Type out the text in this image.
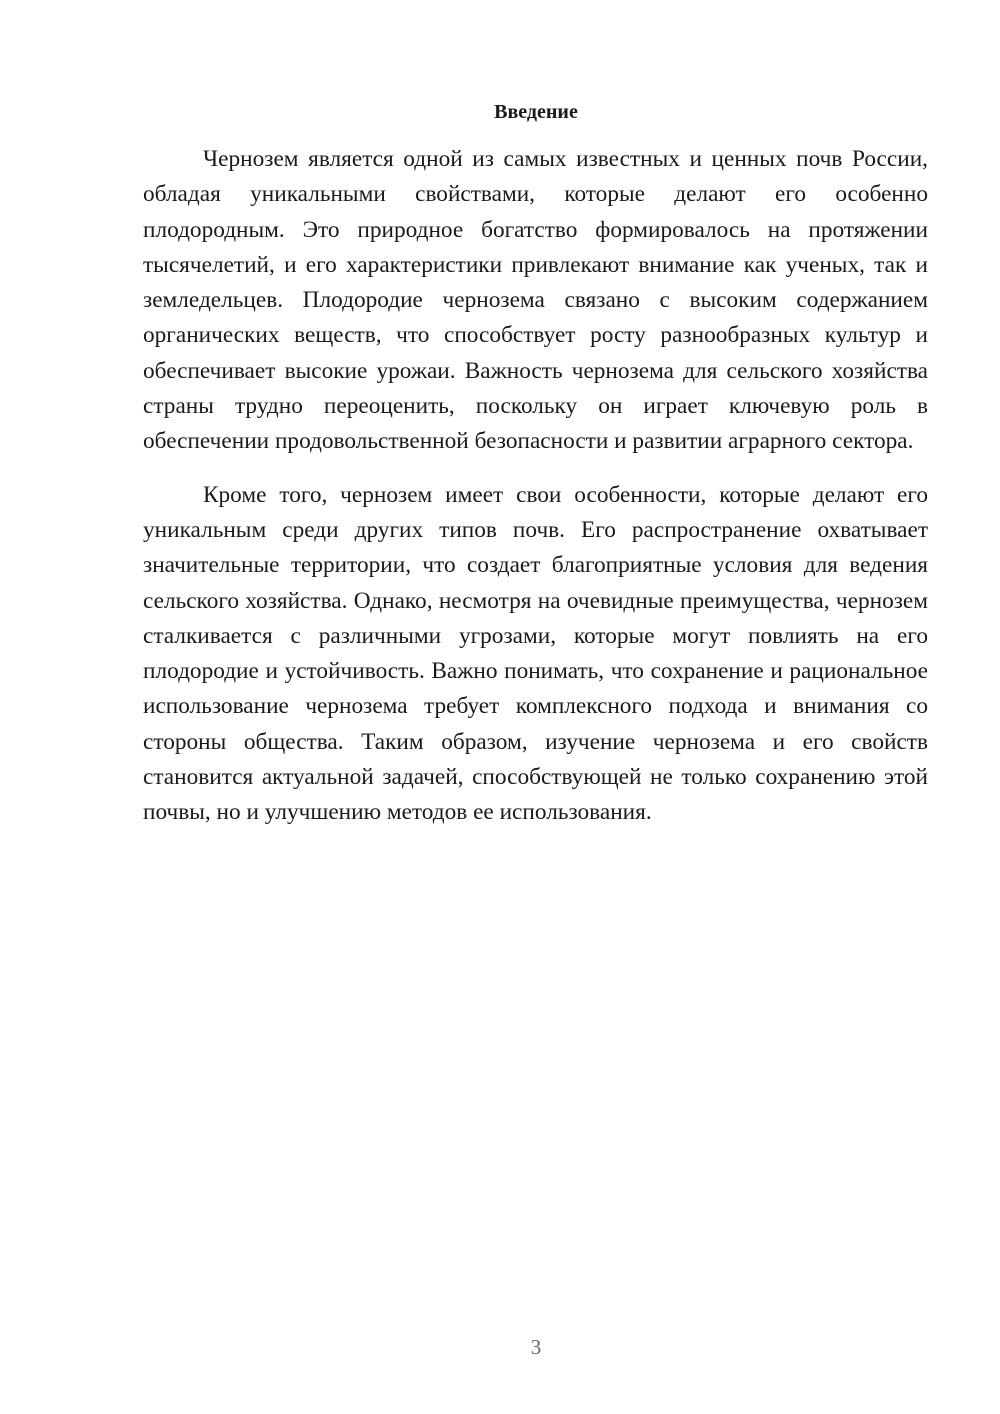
Введение

Чернозем является одной из самых известных и ценных почв России, обладая уникальными свойствами, которые делают его особенно плодородным. Это природное богатство формировалось на протяжении тысячелетий, и его характеристики привлекают внимание как ученых, так и земледельцев. Плодородие чернозема связано с высоким содержанием органических веществ, что способствует росту разнообразных культур и обеспечивает высокие урожаи. Важность чернозема для сельского хозяйства страны трудно переоценить, поскольку он играет ключевую роль в обеспечении продовольственной безопасности и развитии аграрного сектора.

Кроме того, чернозем имеет свои особенности, которые делают его уникальным среди других типов почв. Его распространение охватывает значительные территории, что создает благоприятные условия для ведения сельского хозяйства. Однако, несмотря на очевидные преимущества, чернозем сталкивается с различными угрозами, которые могут повлиять на его плодородие и устойчивость. Важно понимать, что сохранение и рациональное использование чернозема требует комплексного подхода и внимания со стороны общества. Таким образом, изучение чернозема и его свойств становится актуальной задачей, способствующей не только сохранению этой почвы, но и улучшению методов ее использования.

3
